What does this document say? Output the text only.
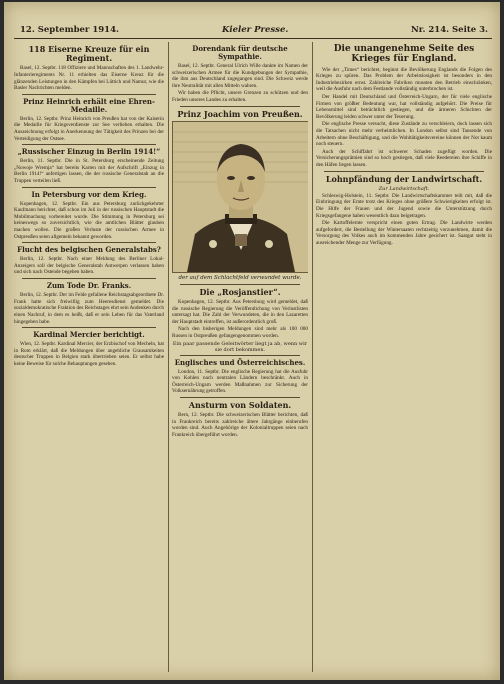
12. September 1914.	Kieler Presse.	Nr. 214. Seite 3.
118 Eiserne Kreuze für ein Regiment.

Basel, 12. Septbr. 118 Offiziere und Mannschaften des 1. Landwehr-Infanterieregiments Nr. 11 erhielten das Eiserne Kreuz für die glänzenden Leistungen in den Kämpfen bei Lüttich und Namur, wie die Basler Nachrichten melden.

Prinz Heinrich erhält eine Ehren-Medaille.

Berlin, 12. Septbr. Prinz Heinrich von Preußen hat von der Kaiserin die Medaille für Kriegsverdienste zur See verliehen erhalten. Die Auszeichnung erfolgt in Anerkennung der Tätigkeit des Prinzen bei der Verteidigung der Ostsee.

„Russischer Einzug in Berlin 1914!“

Berlin, 11. Septbr. Die in St. Petersburg erscheinende Zeitung „Nowoje Wremja“ hat bereits Karten mit der Aufschrift „Einzug in Berlin 1914!“ anfertigen lassen, die der russische Generalstab an die Truppen verteilen ließ.

In Petersburg vor dem Krieg.

Kopenhagen, 12. Septbr. Ein aus Petersburg zurückgekehrter Kaufmann berichtet, daß schon im Juli in der russischen Hauptstadt die Mobilmachung vorbereitet wurde. Die Stimmung in Petersburg sei keineswegs so zuversichtlich, wie die amtlichen Blätter glauben machen wollen. Die großen Verluste der russischen Armee in Ostpreußen seien allgemein bekannt geworden.

Flucht des belgischen Generalstabs?

Berlin, 12. Septbr. Nach einer Meldung des Berliner Lokal-Anzeigers soll der belgische Generalstab Antwerpen verlassen haben und sich nach Ostende begeben haben.

Zum Tode Dr. Franks.

Berlin, 12. Septbr. Der im Felde gefallene Reichstagsabgeordnete Dr. Frank hatte sich freiwillig zum Heeresdienst gemeldet. Die sozialdemokratische Fraktion des Reichstages ehrt sein Andenken durch einen Nachruf, in dem es heißt, daß er sein Leben für das Vaterland hingegeben habe.

Kardinal Mercier berichtigt.

Wien, 12. Septbr. Kardinal Mercier, der Erzbischof von Mecheln, hat in Rom erklärt, daß die Meldungen über angebliche Grausamkeiten deutscher Truppen in Belgien stark übertrieben seien. Er selbst habe keine Beweise für solche Behauptungen gesehen.

Dorendank für deutsche Sympathie.

Basel, 12. Septbr. General Ulrich Wille dankte im Namen der schweizerischen Armee für die Kundgebungen der Sympathie, die ihm aus Deutschland zugegangen sind. Die Schweiz werde ihre Neutralität mit allen Mitteln wahren.

Wir haben die Pflicht, unsere Grenzen zu schützen und den Frieden unseres Landes zu erhalten.

Prinz Joachim von Preußen.
der auf dem Schlachtfeld verwundet wurde.
Die „Rosjanstier“.

Kopenhagen, 12. Septbr. Aus Petersburg wird gemeldet, daß die russische Regierung die Veröffentlichung von Verlustlisten untersagt hat. Die Zahl der Verwundeten, die in den Lazaretten der Hauptstadt eintreffen, ist außerordentlich groß.

Nach den bisherigen Meldungen sind mehr als 100 000 Russen in Ostpreußen gefangengenommen worden.

Ein paar passende Geleitwörter liegt ja ab, wenn wir sie dort bekommen.
Englisches und Österreichisches.

London, 11. Septbr. Die englische Regierung hat die Ausfuhr von Kohlen nach neutralen Ländern beschränkt. Auch in Österreich-Ungarn werden Maßnahmen zur Sicherung der Volksernährung getroffen.

Ansturm von Soldaten.

Bern, 12. Septbr. Die schweizerischen Blätter berichten, daß in Frankreich bereits zahlreiche ältere Jahrgänge einberufen worden sind. Auch Angehörige der Kolonialtruppen seien nach Frankreich übergeführt worden.

Die unangenehme Seite des Krieges für England.

Wie der „Times“ berichtet, beginnt die Bevölkerung Englands die Folgen des Krieges zu spüren. Das Problem der Arbeitslosigkeit ist besonders in den Industriebezirken ernst. Zahlreiche Fabriken mussten den Betrieb einschränken, weil die Ausfuhr nach dem Festlande vollständig unterbrochen ist.

Der Handel mit Deutschland und Österreich-Ungarn, der für viele englische Firmen von größter Bedeutung war, hat vollständig aufgehört. Die Preise für Lebensmittel sind beträchtlich gestiegen, und die ärmeren Schichten der Bevölkerung leiden schwer unter der Teuerung.

Die englische Presse versucht, diese Zustände zu verschleiern, doch lassen sich die Tatsachen nicht mehr verheimlichen. In London selbst sind Tausende von Arbeitern ohne Beschäftigung, und die Wohltätigkeitsvereine können der Not kaum noch steuern.

Auch der Schiffahrt ist schwerer Schaden zugefügt worden. Die Versicherungsprämien sind so hoch gestiegen, daß viele Reedereien ihre Schiffe in den Häfen liegen lassen.

Lohnpfändung der Landwirtschaft.
Zur Landwirtschaft.

Schleswig-Holstein, 11. Septbr. Die Landwirtschaftskammer teilt mit, daß die Einbringung der Ernte trotz des Krieges ohne größere Schwierigkeiten erfolgt ist. Die Hilfe der Frauen und der Jugend sowie die Unterstützung durch Kriegsgefangene haben wesentlich dazu beigetragen.

Die Kartoffelernte verspricht einen guten Ertrag. Die Landwirte werden aufgefordert, die Bestellung der Wintersaaten rechtzeitig vorzunehmen, damit die Versorgung des Volkes auch im kommenden Jahre gesichert ist. Saatgut steht in ausreichender Menge zur Verfügung.
